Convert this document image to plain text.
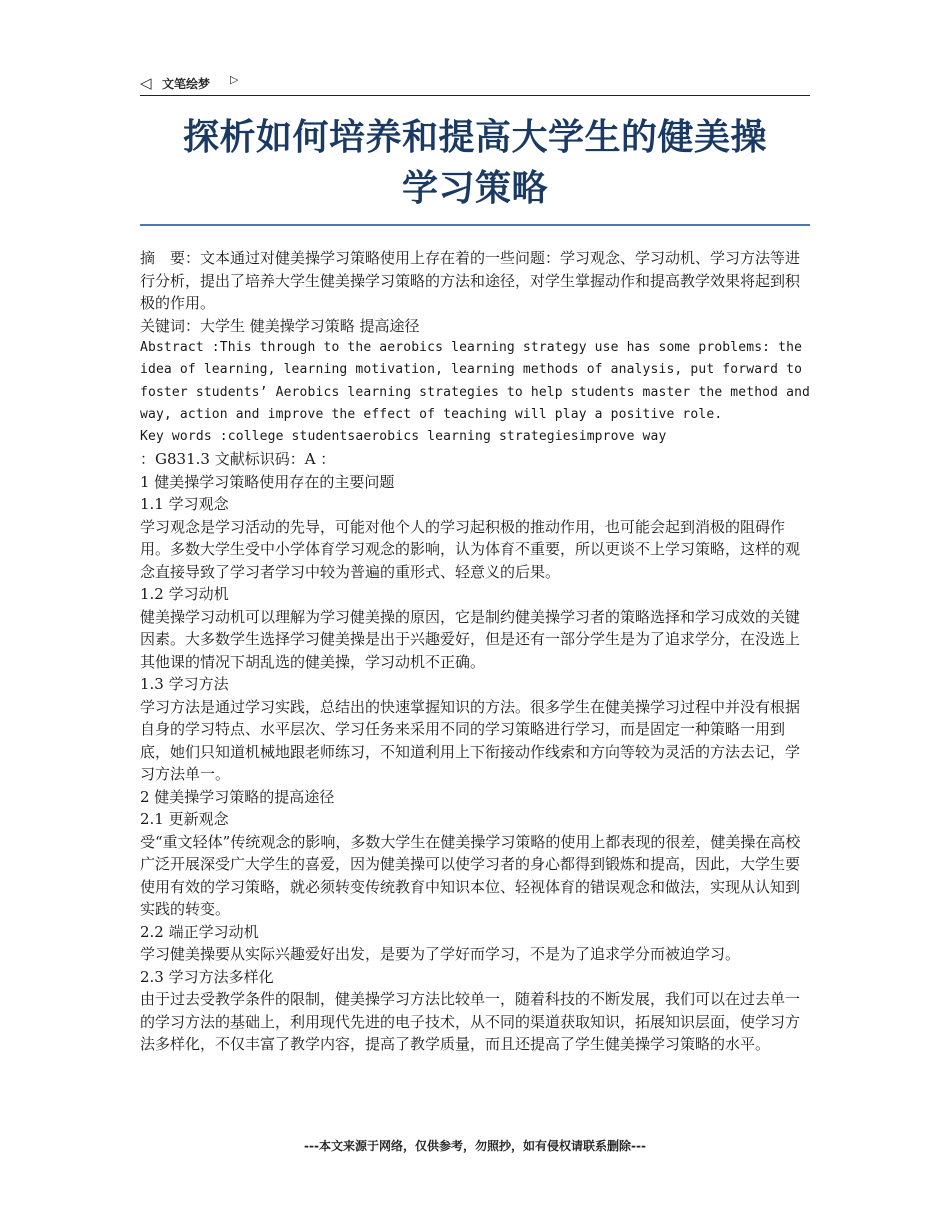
◁ 文笔绘梦 ▷
探析如何培养和提高大学生的健美操
学习策略

摘　要：文本通过对健美操学习策略使用上存在着的一些问题：学习观念、学习动机、学习方法等进行分析，提出了培养大学生健美操学习策略的方法和途径，对学生掌握动作和提高教学效果将起到积极的作用。

关键词：大学生 健美操学习策略 提高途径

Abstract :This through to the aerobics learning strategy use has some problems: the idea of learning, learning motivation, learning methods of analysis, put forward to foster students’ Aerobics learning strategies to help students master the method and way, action and improve the effect of teaching will play a positive role.

Key words :college studentsaerobics learning strategiesimprove way

：G831.3 文献标识码：A ：

1 健美操学习策略使用存在的主要问题

1.1 学习观念

学习观念是学习活动的先导，可能对他个人的学习起积极的推动作用，也可能会起到消极的阻碍作用。多数大学生受中小学体育学习观念的影响，认为体育不重要，所以更谈不上学习策略，这样的观念直接导致了学习者学习中较为普遍的重形式、轻意义的后果。

1.2 学习动机

健美操学习动机可以理解为学习健美操的原因，它是制约健美操学习者的策略选择和学习成效的关键因素。大多数学生选择学习健美操是出于兴趣爱好，但是还有一部分学生是为了追求学分，在没选上其他课的情况下胡乱选的健美操，学习动机不正确。

1.3 学习方法

学习方法是通过学习实践，总结出的快速掌握知识的方法。很多学生在健美操学习过程中并没有根据自身的学习特点、水平层次、学习任务来采用不同的学习策略进行学习，而是固定一种策略一用到底，她们只知道机械地跟老师练习，不知道利用上下衔接动作线索和方向等较为灵活的方法去记，学习方法单一。

2 健美操学习策略的提高途径

2.1 更新观念

受“重文轻体”传统观念的影响，多数大学生在健美操学习策略的使用上都表现的很差，健美操在高校广泛开展深受广大学生的喜爱，因为健美操可以使学习者的身心都得到锻炼和提高，因此，大学生要使用有效的学习策略，就必须转变传统教育中知识本位、轻视体育的错误观念和做法，实现从认知到实践的转变。

2.2 端正学习动机

学习健美操要从实际兴趣爱好出发，是要为了学好而学习，不是为了追求学分而被迫学习。

2.3 学习方法多样化

由于过去受教学条件的限制，健美操学习方法比较单一，随着科技的不断发展，我们可以在过去单一的学习方法的基础上，利用现代先进的电子技术，从不同的渠道获取知识，拓展知识层面，使学习方法多样化，不仅丰富了教学内容，提高了教学质量，而且还提高了学生健美操学习策略的水平。

---本文来源于网络，仅供参考，勿照抄，如有侵权请联系删除---
